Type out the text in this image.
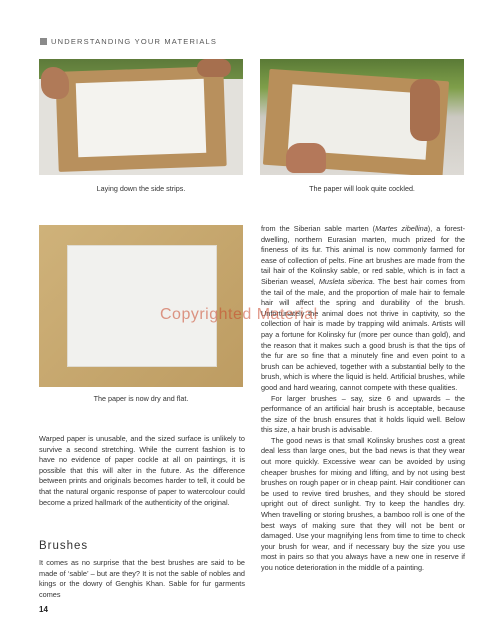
UNDERSTANDING YOUR MATERIALS
Laying down the side strips.	The paper will look quite cockled.
The paper is now dry and flat.
Warped paper is unusable, and the sized surface is unlikely to survive a second stretching. While the current fashion is to have no evidence of paper cockle at all on paintings, it is possible that this will alter in the future. As the difference between prints and originals becomes harder to tell, it could be that the natural organic response of paper to watercolour could become a prized hallmark of the authenticity of the original.
Brushes
It comes as no surprise that the best brushes are said to be made of ‘sable’ – but are they? It is not the sable of nobles and kings or the dowry of Genghis Khan. Sable for fur garments comes

from the Siberian sable marten (Martes zibellina), a forest-dwelling, northern Eurasian marten, much prized for the fineness of its fur. This animal is now commonly farmed for ease of collection of pelts. Fine art brushes are made from the tail hair of the Kolinsky sable, or red sable, which is in fact a Siberian weasel, Musleta siberica. The best hair comes from the tail of the male, and the proportion of male hair to female hair will affect the spring and durability of the brush. Unfortunately the animal does not thrive in captivity, so the collection of hair is made by trapping wild animals. Artists will pay a fortune for Kolinsky fur (more per ounce than gold), and the reason that it makes such a good brush is that the tips of the fur are so fine that a minutely fine and even point to a brush can be achieved, together with a substantial belly to the brush, which is where the liquid is held. Artificial brushes, while good and hard wearing, cannot compete with these qualities.

For larger brushes – say, size 6 and upwards – the performance of an artificial hair brush is acceptable, because the size of the brush ensures that it holds liquid well. Below this size, a hair brush is advisable.

The good news is that small Kolinsky brushes cost a great deal less than large ones, but the bad news is that they wear out more quickly. Excessive wear can be avoided by using cheaper brushes for mixing and lifting, and by not using best brushes on rough paper or in cheap paint. Hair conditioner can be used to revive tired brushes, and they should be stored upright out of direct sunlight. Try to keep the handles dry. When travelling or storing brushes, a bamboo roll is one of the best ways of making sure that they will not be bent or damaged. Use your magnifying lens from time to time to check your brush for wear, and if necessary buy the size you use most in pairs so that you always have a new one in reserve if you notice deterioration in the middle of a painting.

Copyrighted Material
14
